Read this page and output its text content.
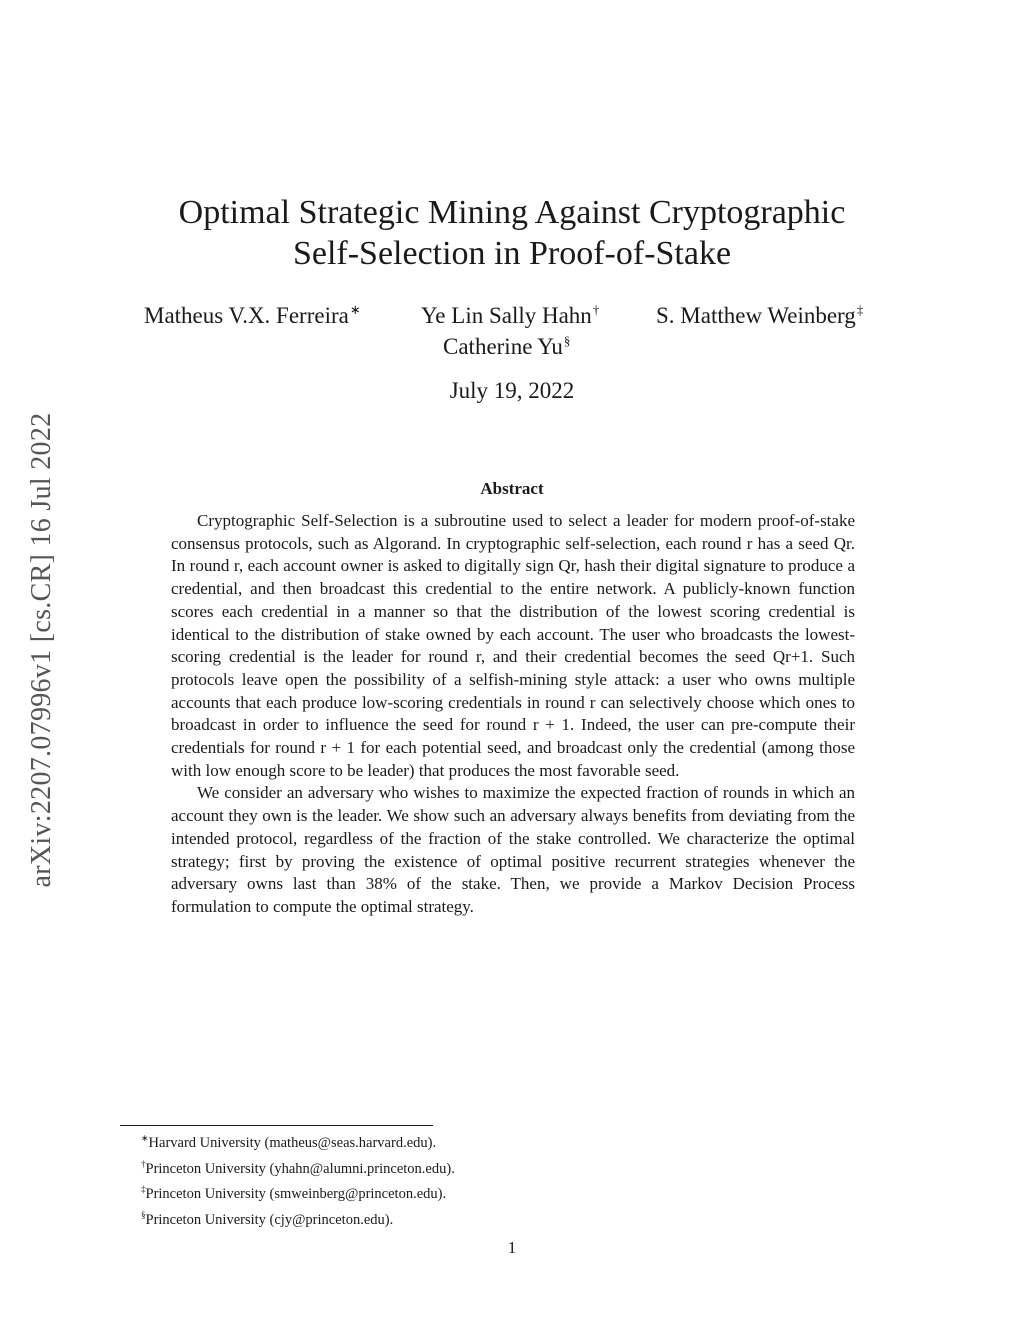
arXiv:2207.07996v1 [cs.CR] 16 Jul 2022
Optimal Strategic Mining Against Cryptographic
Self-Selection in Proof-of-Stake
Matheus V.X. Ferreira∗	Ye Lin Sally Hahn† S. Matthew Weinberg‡
Catherine Yu§
July 19, 2022
Abstract

Cryptographic Self-Selection is a subroutine used to select a leader for modern proof-of-stake consensus protocols, such as Algorand. In cryptographic self-selection, each round r has a seed Qr. In round r, each account owner is asked to digitally sign Qr, hash their digital signature to produce a credential, and then broadcast this credential to the entire network. A publicly-known function scores each credential in a manner so that the distribution of the lowest scoring credential is identical to the distribution of stake owned by each account. The user who broadcasts the lowest-scoring credential is the leader for round r, and their credential becomes the seed Qr+1. Such protocols leave open the possibility of a selfish-mining style attack: a user who owns multiple accounts that each produce low-scoring credentials in round r can selectively choose which ones to broadcast in order to influence the seed for round r + 1. Indeed, the user can pre-compute their credentials for round r + 1 for each potential seed, and broadcast only the credential (among those with low enough score to be leader) that produces the most favorable seed.

We consider an adversary who wishes to maximize the expected fraction of rounds in which an account they own is the leader. We show such an adversary always benefits from deviating from the intended protocol, regardless of the fraction of the stake controlled. We characterize the optimal strategy; first by proving the existence of optimal positive recurrent strategies whenever the adversary owns last than 38% of the stake. Then, we provide a Markov Decision Process formulation to compute the optimal strategy.

∗Harvard University (matheus@seas.harvard.edu).
†Princeton University (yhahn@alumni.princeton.edu).
‡Princeton University (smweinberg@princeton.edu).
§Princeton University (cjy@princeton.edu).
1
